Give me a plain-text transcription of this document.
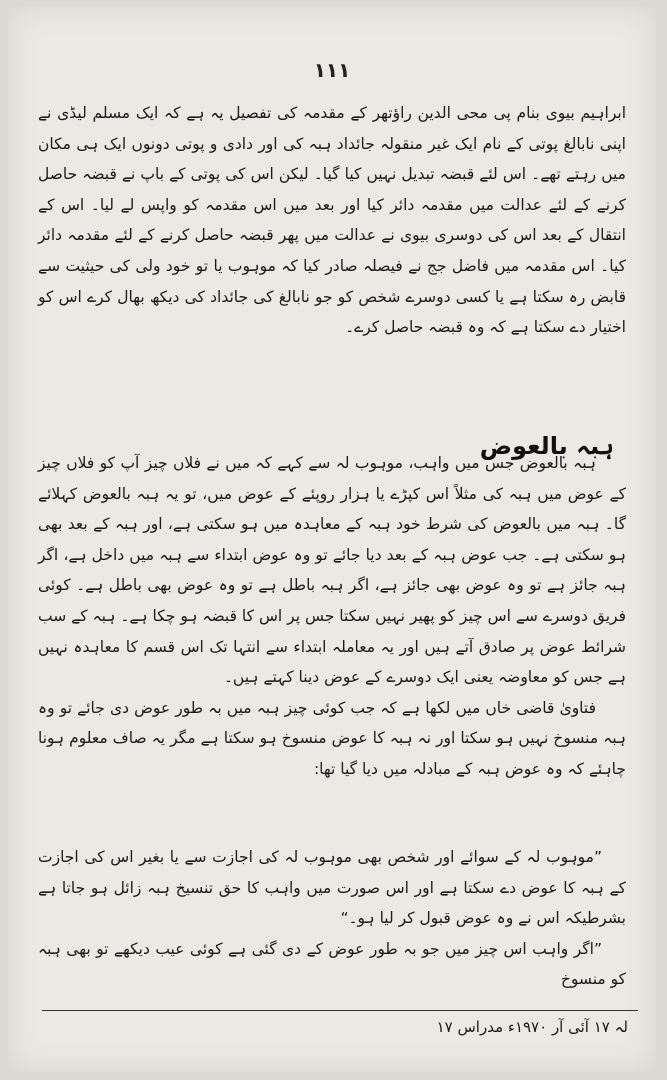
۱۱۱

ابراہیم بیوی بنام پی محی الدین راؤتھر کے مقدمہ کی تفصیل یہ ہے کہ ایک مسلم لیڈی نے اپنی نابالغ پوتی کے نام ایک غیر منقولہ جائداد ہبہ کی اور دادی و پوتی دونوں ایک ہی مکان میں رہتے تھے۔ اس لئے قبضہ تبدیل نہیں کیا گیا۔ لیکن اس کی پوتی کے باپ نے قبضہ حاصل کرنے کے لئے عدالت میں مقدمہ دائر کیا اور بعد میں اس مقدمہ کو واپس لے لیا۔ اس کے انتقال کے بعد اس کی دوسری بیوی نے عدالت میں پھر قبضہ حاصل کرنے کے لئے مقدمہ دائر کیا۔ اس مقدمہ میں فاضل جج نے فیصلہ صادر کیا کہ موہوب یا تو خود ولی کی حیثیت سے قابض رہ سکتا ہے یا کسی دوسرے شخص کو جو نابالغ کی جائداد کی دیکھ بھال کرے اس کو اختیار دے سکتا ہے کہ وہ قبضہ حاصل کرے۔

ہبہ بالعوض

ہبہ بالعوض جس میں واہب، موہوب لہ سے کہے کہ میں نے فلاں چیز آپ کو فلاں چیز کے عوض میں ہبہ کی مثلاً اس کپڑے یا ہزار روپئے کے عوض میں، تو یہ ہبہ بالعوض کہلائے گا۔ ہبہ میں بالعوض کی شرط خود ہبہ کے معاہدہ میں ہو سکتی ہے، اور ہبہ کے بعد بھی ہو سکتی ہے۔ جب عوض ہبہ کے بعد دیا جائے تو وہ عوض ابتداء سے ہبہ میں داخل ہے، اگر ہبہ جائز ہے تو وہ عوض بھی جائز ہے، اگر ہبہ باطل ہے تو وہ عوض بھی باطل ہے۔ کوئی فریق دوسرے سے اس چیز کو پھیر نہیں سکتا جس پر اس کا قبضہ ہو چکا ہے۔ ہبہ کے سب شرائط عوض پر صادق آتے ہیں اور یہ معاملہ ابتداء سے انتہا تک اس قسم کا معاہدہ نہیں ہے جس کو معاوضہ یعنی ایک دوسرے کے عوض دینا کہتے ہیں۔

فتاویٰ قاضی خاں میں لکھا ہے کہ جب کوئی چیز ہبہ میں بہ طور عوض دی جائے تو وہ ہبہ منسوخ نہیں ہو سکتا اور نہ ہبہ کا عوض منسوخ ہو سکتا ہے مگر یہ صاف معلوم ہونا چاہئے کہ وہ عوض ہبہ کے مبادلہ میں دیا گیا تھا:

”موہوب لہ کے سوائے اور شخص بھی موہوب لہ کی اجازت سے یا بغیر اس کی اجازت کے ہبہ کا عوض دے سکتا ہے اور اس صورت میں واہب کا حق تنسیخ ہبہ زائل ہو جاتا ہے بشرطیکہ اس نے وہ عوض قبول کر لیا ہو۔“

”اگر واہب اس چیز میں جو بہ طور عوض کے دی گئی ہے کوئی عیب دیکھے تو بھی ہبہ کو منسوخ

لہ ۱۷ آئی آر ۱۹۷۰ء مدراس ۱۷
